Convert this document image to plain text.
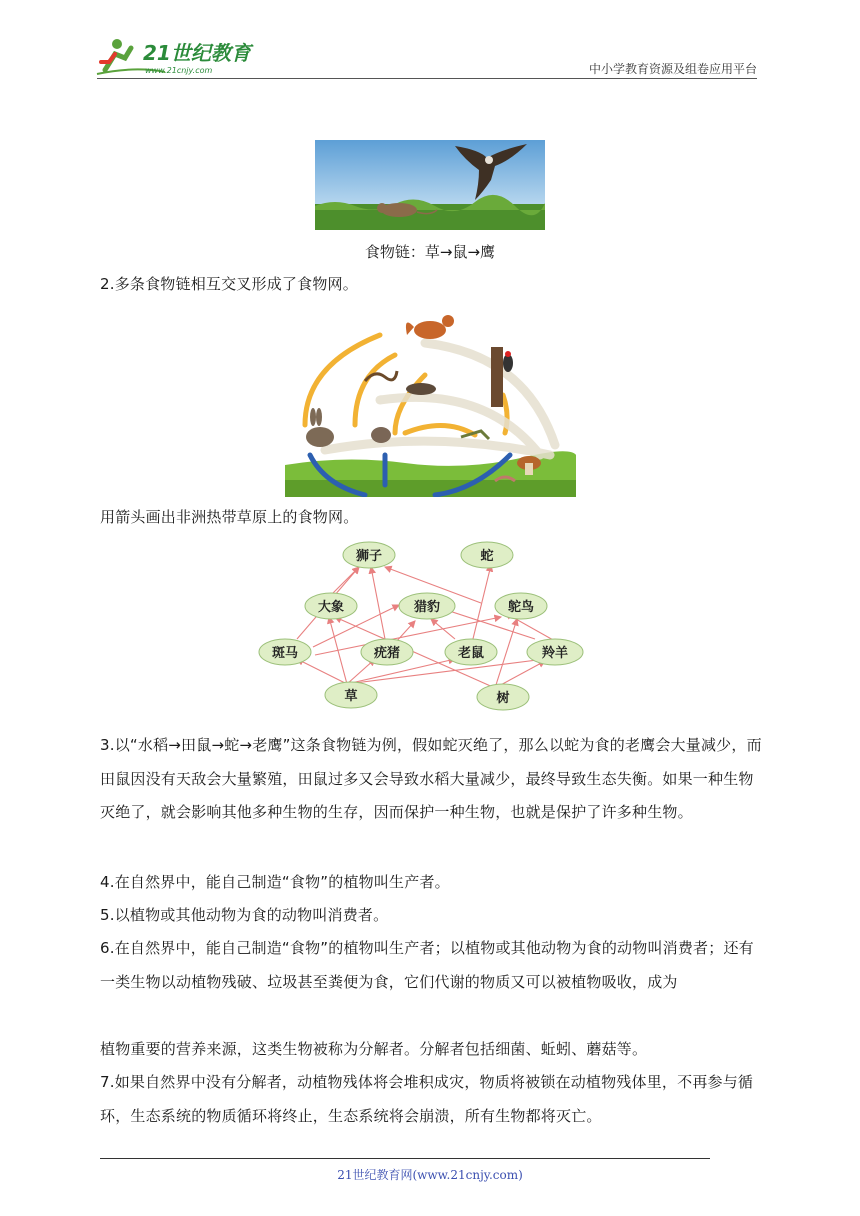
21世纪教育
www.21cnjy.com	中小学教育资源及组卷应用平台
食物链：草→鼠→鹰
2.多条食物链相互交叉形成了食物网。
用箭头画出非洲热带草原上的食物网。
狮子	蛇
大象	猎豹	鸵鸟
斑马	疣猪	老鼠	羚羊
草	树
3.以“水稻→田鼠→蛇→老鹰”这条食物链为例，假如蛇灭绝了，那么以蛇为食的老鹰会大量减少，而田鼠因没有天敌会大量繁殖，田鼠过多又会导致水稻大量减少，最终导致生态失衡。如果一种生物灭绝了，就会影响其他多种生物的生存，因而保护一种生物，也就是保护了许多种生物。
4.在自然界中，能自己制造“食物”的植物叫生产者。
5.以植物或其他动物为食的动物叫消费者。
6.在自然界中，能自己制造“食物”的植物叫生产者；以植物或其他动物为食的动物叫消费者；还有一类生物以动植物残破、垃圾甚至粪便为食，它们代谢的物质又可以被植物吸收，成为
植物重要的营养来源，这类生物被称为分解者。分解者包括细菌、蚯蚓、蘑菇等。
7.如果自然界中没有分解者，动植物残体将会堆积成灾，物质将被锁在动植物残体里，不再参与循环，生态系统的物质循环将终止，生态系统将会崩溃，所有生物都将灭亡。
21世纪教育网(www.21cnjy.com)
